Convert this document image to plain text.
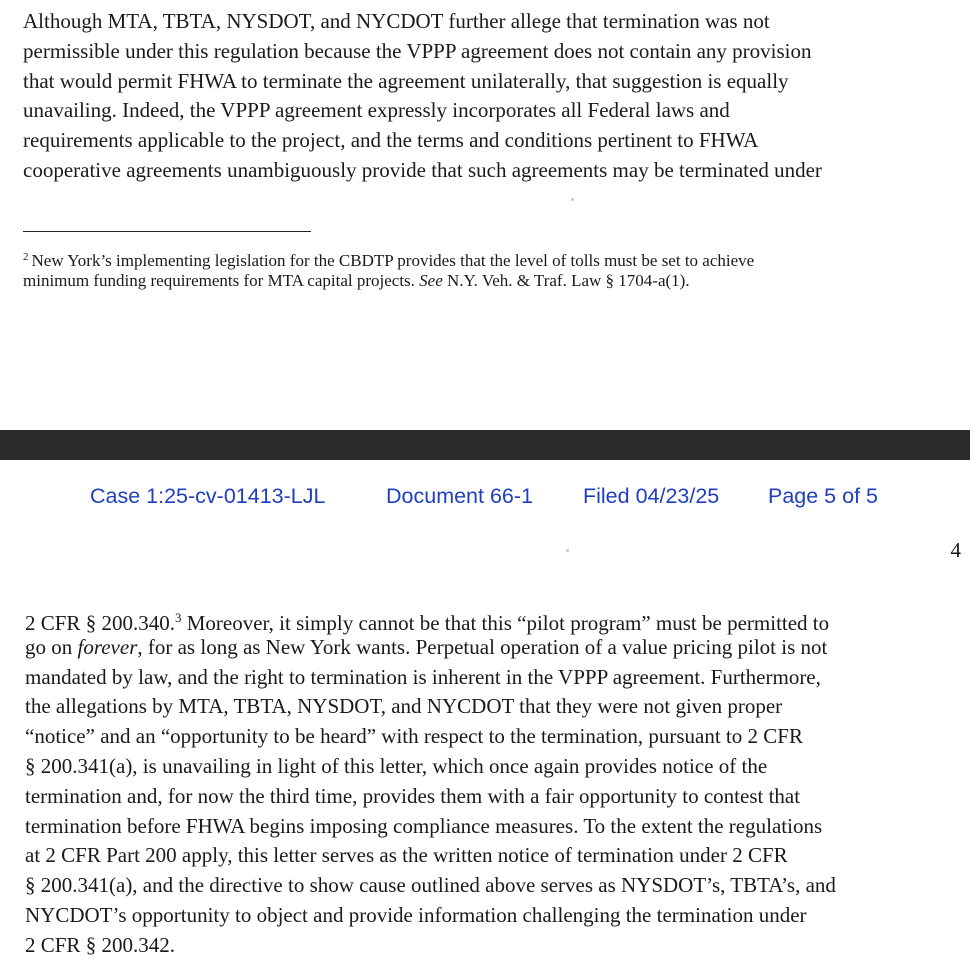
Although MTA, TBTA, NYSDOT, and NYCDOT further allege that termination was not
permissible under this regulation because the VPPP agreement does not contain any provision
that would permit FHWA to terminate the agreement unilaterally, that suggestion is equally
unavailing. Indeed, the VPPP agreement expressly incorporates all Federal laws and
requirements applicable to the project, and the terms and conditions pertinent to FHWA
cooperative agreements unambiguously provide that such agreements may be terminated under
$^2$ New York’s implementing legislation for the CBDTP provides that the level of tolls must be set to achieve
minimum funding requirements for MTA capital projects. See N.Y. Veh. & Traf. Law § 1704-a(1).
Case 1:25-cv-01413-LJL	Document 66-1 Filed 04/23/25 Page 5 of 5
4
2 CFR § 200.340.$^3$ Moreover, it simply cannot be that this “pilot program” must be permitted to
go on forever, for as long as New York wants. Perpetual operation of a value pricing pilot is not
mandated by law, and the right to termination is inherent in the VPPP agreement. Furthermore,
the allegations by MTA, TBTA, NYSDOT, and NYCDOT that they were not given proper
“notice” and an “opportunity to be heard” with respect to the termination, pursuant to 2 CFR
§ 200.341(a), is unavailing in light of this letter, which once again provides notice of the
termination and, for now the third time, provides them with a fair opportunity to contest that
termination before FHWA begins imposing compliance measures. To the extent the regulations
at 2 CFR Part 200 apply, this letter serves as the written notice of termination under 2 CFR
§ 200.341(a), and the directive to show cause outlined above serves as NYSDOT’s, TBTA’s, and
NYCDOT’s opportunity to object and provide information challenging the termination under
2 CFR § 200.342.
